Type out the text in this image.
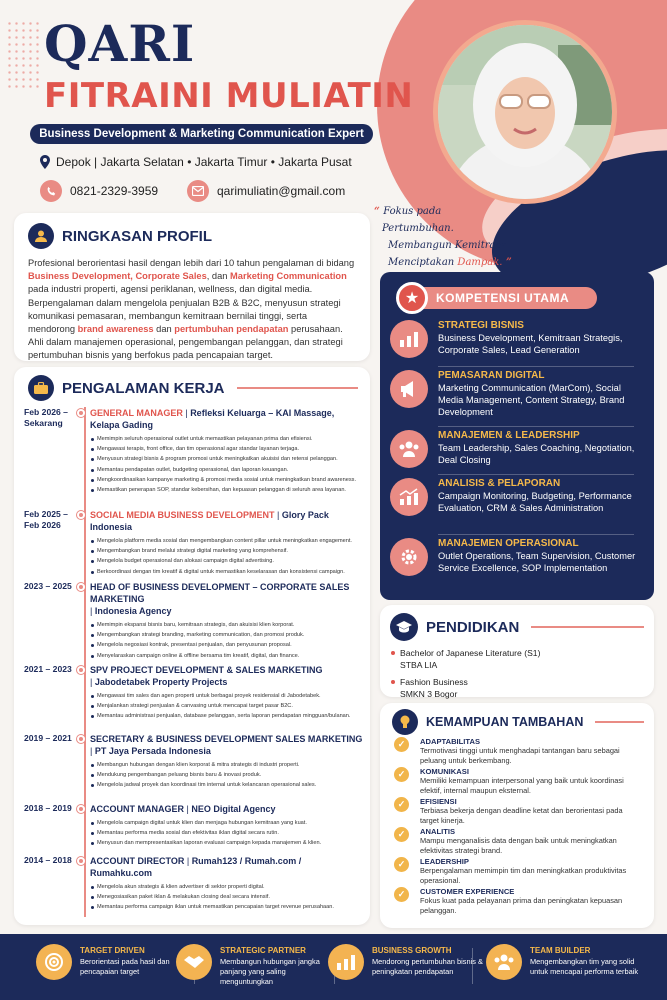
QARI
FITRAINI MULIATIN
Business Development & Marketing Communication Expert
Depok | Jakarta Selatan • Jakarta Timur • Jakarta Pusat
0821-2329-3959	qarimuliatin@gmail.com
“ Fokus pada
Pertumbuhan.
Membangun Kemitraan.
Menciptakan Dampak. ”
RINGKASAN PROFIL

Profesional berorientasi hasil dengan lebih dari 10 tahun pengalaman di bidang Business Development, Corporate Sales, dan Marketing Communication pada industri properti, agensi periklanan, wellness, dan digital media. Berpengalaman dalam mengelola penjualan B2B & B2C, menyusun strategi komunikasi pemasaran, membangun kemitraan bernilai tinggi, serta mendorong brand awareness dan pertumbuhan pendapatan perusahaan. Ahli dalam manajemen operasional, pengembangan pelanggan, dan strategi pertumbuhan bisnis yang berfokus pada pencapaian target.

PENGALAMAN KERJA
Feb 2026 –
Sekarang
GENERAL MANAGER | Refleksi Keluarga – KAI Massage, Kelapa Gading
Memimpin seluruh operasional outlet untuk memastikan pelayanan prima dan efisiensi.
Mengawasi terapis, front office, dan tim operasional agar standar layanan terjaga.
Menyusun strategi bisnis & program promosi untuk meningkatkan akuisisi dan retensi pelanggan.
Memantau pendapatan outlet, budgeting operasional, dan laporan keuangan.
Mengkoordinasikan kampanye marketing & promosi media sosial untuk meningkatkan brand awareness.
Memastikan penerapan SOP, standar kebersihan, dan kepuasan pelanggan di seluruh area layanan.
Feb 2025 –
Feb 2026
SOCIAL MEDIA BUSINESS DEVELOPMENT | Glory Pack Indonesia
Mengelola platform media sosial dan mengembangkan content pillar untuk meningkatkan engagement.
Mengembangkan brand melalui strategi digital marketing yang komprehensif.
Mengelola budget operasional dan alokasi campaign digital advertising.
Berkoordinasi dengan tim kreatif & digital untuk memastikan keselarasan dan konsistensi campaign.
2023 – 2025	HEAD OF BUSINESS DEVELOPMENT – CORPORATE SALES MARKETING
| Indonesia Agency
Memimpin ekspansi bisnis baru, kemitraan strategis, dan akuisisi klien korporat.
Mengembangkan strategi branding, marketing communication, dan promosi produk.
Mengelola negosiasi kontrak, presentasi penjualan, dan penyusunan proposal.
Menyelaraskan campaign online & offline bersama tim kreatif, digital, dan finance.
2021 – 2023	SPV PROJECT DEVELOPMENT & SALES MARKETING
| Jabodetabek Property Projects
Mengawasi tim sales dan agen properti untuk berbagai proyek residensial di Jabodetabek.
Menjalankan strategi penjualan & canvasing untuk mencapai target pasar B2C.
Memantau administrasi penjualan, database pelanggan, serta laporan pendapatan mingguan/bulanan.
2019 – 2021	SECRETARY & BUSINESS DEVELOPMENT SALES MARKETING
| PT Jaya Persada Indonesia
Membangun hubungan dengan klien korporat & mitra strategis di industri properti.
Mendukung pengembangan peluang bisnis baru & inovasi produk.
Mengelola jadwal proyek dan koordinasi tim internal untuk kelancaran operasional sales.
2018 – 2019	ACCOUNT MANAGER | NEO Digital Agency
Mengelola campaign digital untuk klien dan menjaga hubungan kemitraan yang kuat.
Memantau performa media sosial dan efektivitas iklan digital secara rutin.
Menyusun dan mempresentasikan laporan evaluasi campaign kepada manajemen & klien.
2014 – 2018	ACCOUNT DIRECTOR | Rumah123 / Rumah.com / Rumahku.com
Mengelola akun strategis & klien advertiser di sektor properti digital.
Menegosiasikan paket iklan & melakukan closing deal secara intensif.
Memantau performa campaign iklan untuk memastikan pencapaian target revenue perusahaan.
★	KOMPETENSI UTAMA
STRATEGI BISNIS
Business Development, Kemitraan Strategis, Corporate Sales, Lead Generation
PEMASARAN DIGITAL
Marketing Communication (MarCom), Social Media Management, Content Strategy, Brand Development
MANAJEMEN & LEADERSHIP
Team Leadership, Sales Coaching, Negotiation, Deal Closing
ANALISIS & PELAPORAN
Campaign Monitoring, Budgeting, Performance Evaluation, CRM & Sales Administration
MANAJEMEN OPERASIONAL
Outlet Operations, Team Supervision, Customer Service Excellence, SOP Implementation
PENDIDIKAN
Bachelor of Japanese Literature (S1)
STBA LIA
Fashion Business
SMKN 3 Bogor
KEMAMPUAN TAMBAHAN
✓	ADAPTABILITAS
Termotivasi tinggi untuk menghadapi tantangan baru sebagai peluang untuk berkembang.
✓	KOMUNIKASI
Memiliki kemampuan interpersonal yang baik untuk koordinasi efektif, internal maupun eksternal.
✓	EFISIENSI
Terbiasa bekerja dengan deadline ketat dan berorientasi pada target kinerja.
✓	ANALITIS
Mampu menganalisis data dengan baik untuk meningkatkan efektivitas strategi brand.
✓	LEADERSHIP
Berpengalaman memimpin tim dan meningkatkan produktivitas operasional.
✓	CUSTOMER EXPERIENCE
Fokus kuat pada pelayanan prima dan peningkatan kepuasan pelanggan.
TARGET DRIVEN
Berorientasi pada hasil dan pencapaian target
STRATEGIC PARTNER
Membangun hubungan jangka panjang yang saling menguntungkan
BUSINESS GROWTH
Mendorong pertumbuhan bisnis & peningkatan pendapatan
TEAM BUILDER
Mengembangkan tim yang solid untuk mencapai performa terbaik
